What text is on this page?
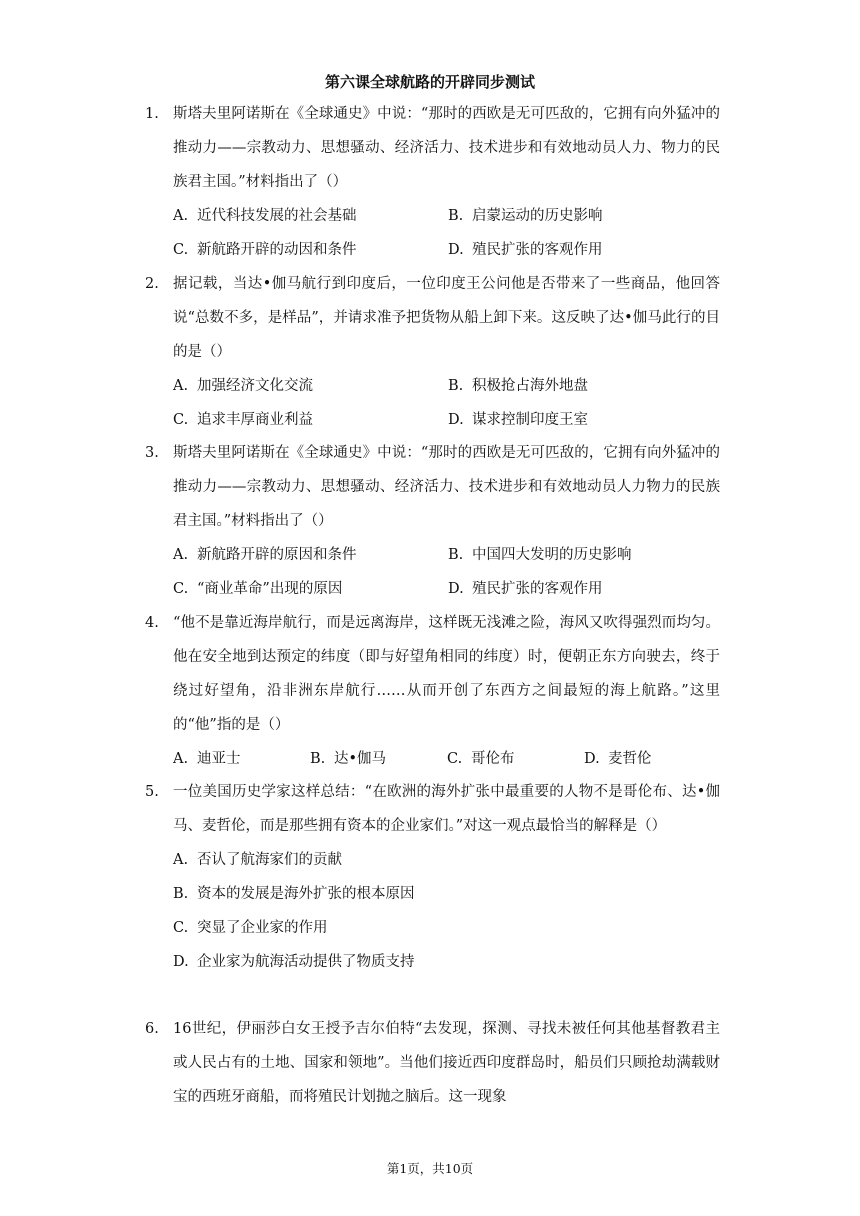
第六课全球航路的开辟同步测试
1. 斯塔夫里阿诺斯在《全球通史》中说：“那时的西欧是无可匹敌的，它拥有向外猛冲的推动力——宗教动力、思想骚动、经济活力、技术进步和有效地动员人力、物力的民族君主国。”材料指出了（）
A. 近代科技发展的社会基础	B. 启蒙运动的历史影响
C. 新航路开辟的动因和条件	D. 殖民扩张的客观作用
2. 据记载，当达•伽马航行到印度后，一位印度王公问他是否带来了一些商品，他回答说“总数不多，是样品”，并请求准予把货物从船上卸下来。这反映了达•伽马此行的目的是（）
A. 加强经济文化交流	B. 积极抢占海外地盘
C. 追求丰厚商业利益	D. 谋求控制印度王室
3. 斯塔夫里阿诺斯在《全球通史》中说：“那时的西欧是无可匹敌的，它拥有向外猛冲的推动力——宗教动力、思想骚动、经济活力、技术进步和有效地动员人力物力的民族君主国。”材料指出了（）
A. 新航路开辟的原因和条件	B. 中国四大发明的历史影响
C. “商业革命”出现的原因	D. 殖民扩张的客观作用
4. “他不是靠近海岸航行，而是远离海岸，这样既无浅滩之险，海风又吹得强烈而均匀。他在安全地到达预定的纬度（即与好望角相同的纬度）时，便朝正东方向驶去，终于绕过好望角，沿非洲东岸航行……从而开创了东西方之间最短的海上航路。”这里的“他”指的是（）
A. 迪亚士	B. 达•伽马	C. 哥伦布	D. 麦哲伦
5. 一位美国历史学家这样总结：“在欧洲的海外扩张中最重要的人物不是哥伦布、达•伽马、麦哲伦，而是那些拥有资本的企业家们。”对这一观点最恰当的解释是（）
A. 否认了航海家们的贡献
B. 资本的发展是海外扩张的根本原因
C. 突显了企业家的作用
D. 企业家为航海活动提供了物质支持
6. 16世纪，伊丽莎白女王授予吉尔伯特“去发现，探测、寻找未被任何其他基督教君主或人民占有的土地、国家和领地”。当他们接近西印度群岛时，船员们只顾抢劫满载财宝的西班牙商船，而将殖民计划抛之脑后。这一现象
第1页，共10页
